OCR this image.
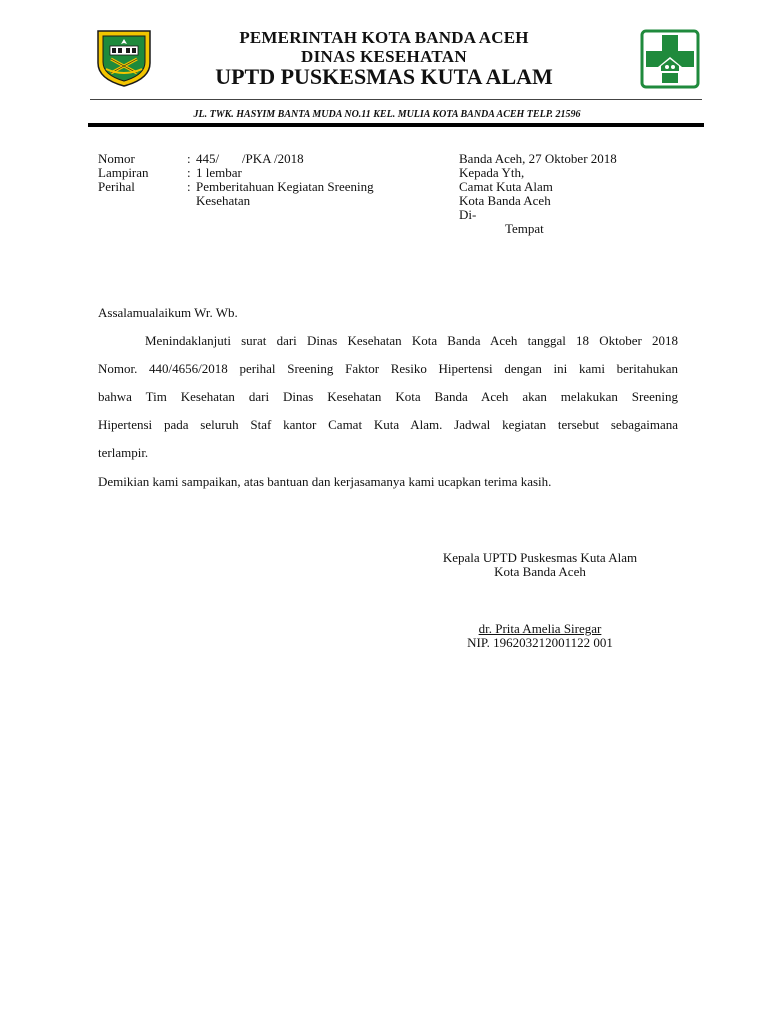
PEMERINTAH KOTA BANDA ACEH
DINAS KESEHATAN
UPTD PUSKESMAS KUTA ALAM
JL. TWK. HASYIM BANTA MUDA NO.11 KEL. MULIA KOTA BANDA ACEH TELP. 21596
Nomor	: 445/       /PKA /2018
Lampiran	: 1 lembar
Perihal	: Pemberitahuan Kegiatan Sreening
Kesehatan
Banda Aceh, 27 Oktober 2018
Kepada Yth,
Camat Kuta Alam
Kota Banda Aceh
Di-
Tempat
Assalamualaikum Wr. Wb.
Menindaklanjuti surat dari Dinas Kesehatan Kota Banda Aceh tanggal 18 Oktober 2018
Nomor. 440/4656/2018 perihal Sreening Faktor Resiko Hipertensi dengan ini kami beritahukan
bahwa Tim Kesehatan dari Dinas Kesehatan Kota Banda Aceh akan melakukan Sreening
Hipertensi pada seluruh Staf kantor Camat Kuta Alam. Jadwal kegiatan tersebut sebagaimana
terlampir.
Demikian kami sampaikan, atas bantuan dan kerjasamanya kami ucapkan terima kasih.
Kepala UPTD Puskesmas Kuta Alam
Kota Banda Aceh
dr. Prita Amelia Siregar
NIP. 196203212001122 001
